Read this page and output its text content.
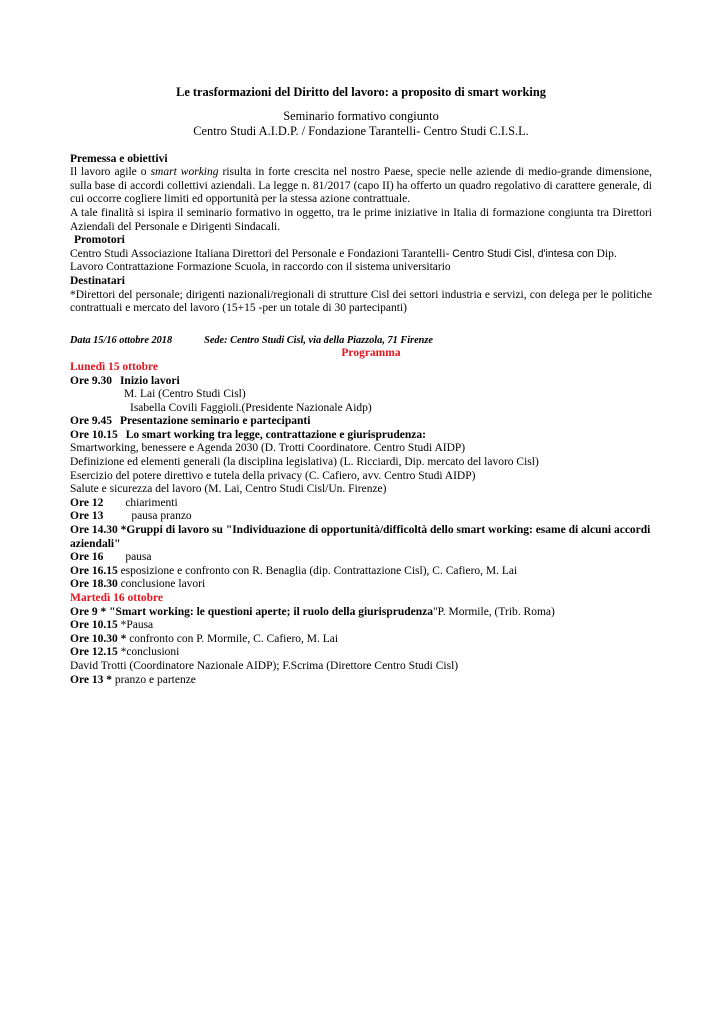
Le trasformazioni del Diritto del lavoro: a proposito di smart working

Seminario formativo congiunto
Centro Studi A.I.D.P. / Fondazione Tarantelli- Centro Studi C.I.S.L.

Premessa e obiettivi

Il lavoro agile o smart working risulta in forte crescita nel nostro Paese, specie nelle aziende di medio-grande dimensione, sulla base di accordi collettivi aziendali. La legge n. 81/2017 (capo II) ha offerto un quadro regolativo di carattere generale, di cui occorre cogliere limiti ed opportunità per la stessa azione contrattuale.

A tale finalità si ispira il seminario formativo in oggetto, tra le prime iniziative in Italia di formazione congiunta tra Direttori Aziendali del Personale e Dirigenti Sindacali.

Promotori

Centro Studi Associazione Italiana Direttori del Personale e Fondazioni Tarantelli- Centro Studi Cisl, d'intesa con Dip. Lavoro Contrattazione Formazione Scuola, in raccordo con il sistema universitario

Destinatari

*Direttori del personale; dirigenti nazionali/regionali di strutture Cisl dei settori industria e servizi, con delega per le politiche contrattuali e mercato del lavoro (15+15 -per un totale di 30 partecipanti)

Data 15/16 ottobre 2018	Sede: Centro Studi Cisl, via della Piazzola, 71 Firenze

Programma

Lunedì 15 ottobre

Ore 9.30 Inizio lavori

M. Lai (Centro Studi Cisl)

Isabella Covili Faggioli.(Presidente Nazionale Aidp)

Ore 9.45 Presentazione seminario e partecipanti

Ore 10.15 Lo smart working tra legge, contrattazione e giurisprudenza:

Smartworking, benessere e Agenda 2030 (D. Trotti Coordinatore. Centro Studi AIDP)

Definizione ed elementi generali (la disciplina legislativa) (L. Ricciardi, Dip. mercato del lavoro Cisl)

Esercizio del potere direttivo e tutela della privacy (C. Cafiero, avv. Centro Studi AIDP)

Salute e sicurezza del lavoro (M. Lai, Centro Studi Cisl/Un. Firenze)

Ore 12 chiarimenti

Ore 13 pausa pranzo

Ore 14.30 *Gruppi di lavoro su "Individuazione di opportunità/difficoltà dello smart working: esame di alcuni accordi aziendali"

Ore 16 pausa

Ore 16.15 esposizione e confronto con R. Benaglia (dip. Contrattazione Cisl), C. Cafiero, M. Lai

Ore 18.30 conclusione lavori

Martedì 16 ottobre

Ore 9 * "Smart working: le questioni aperte; il ruolo della giurisprudenza"P. Mormile, (Trib. Roma)

Ore 10.15 *Pausa

Ore 10.30 * confronto con P. Mormile, C. Cafiero, M. Lai

Ore 12.15 *conclusioni

David Trotti (Coordinatore Nazionale AIDP); F.Scrima (Direttore Centro Studi Cisl)

Ore 13 * pranzo e partenze
